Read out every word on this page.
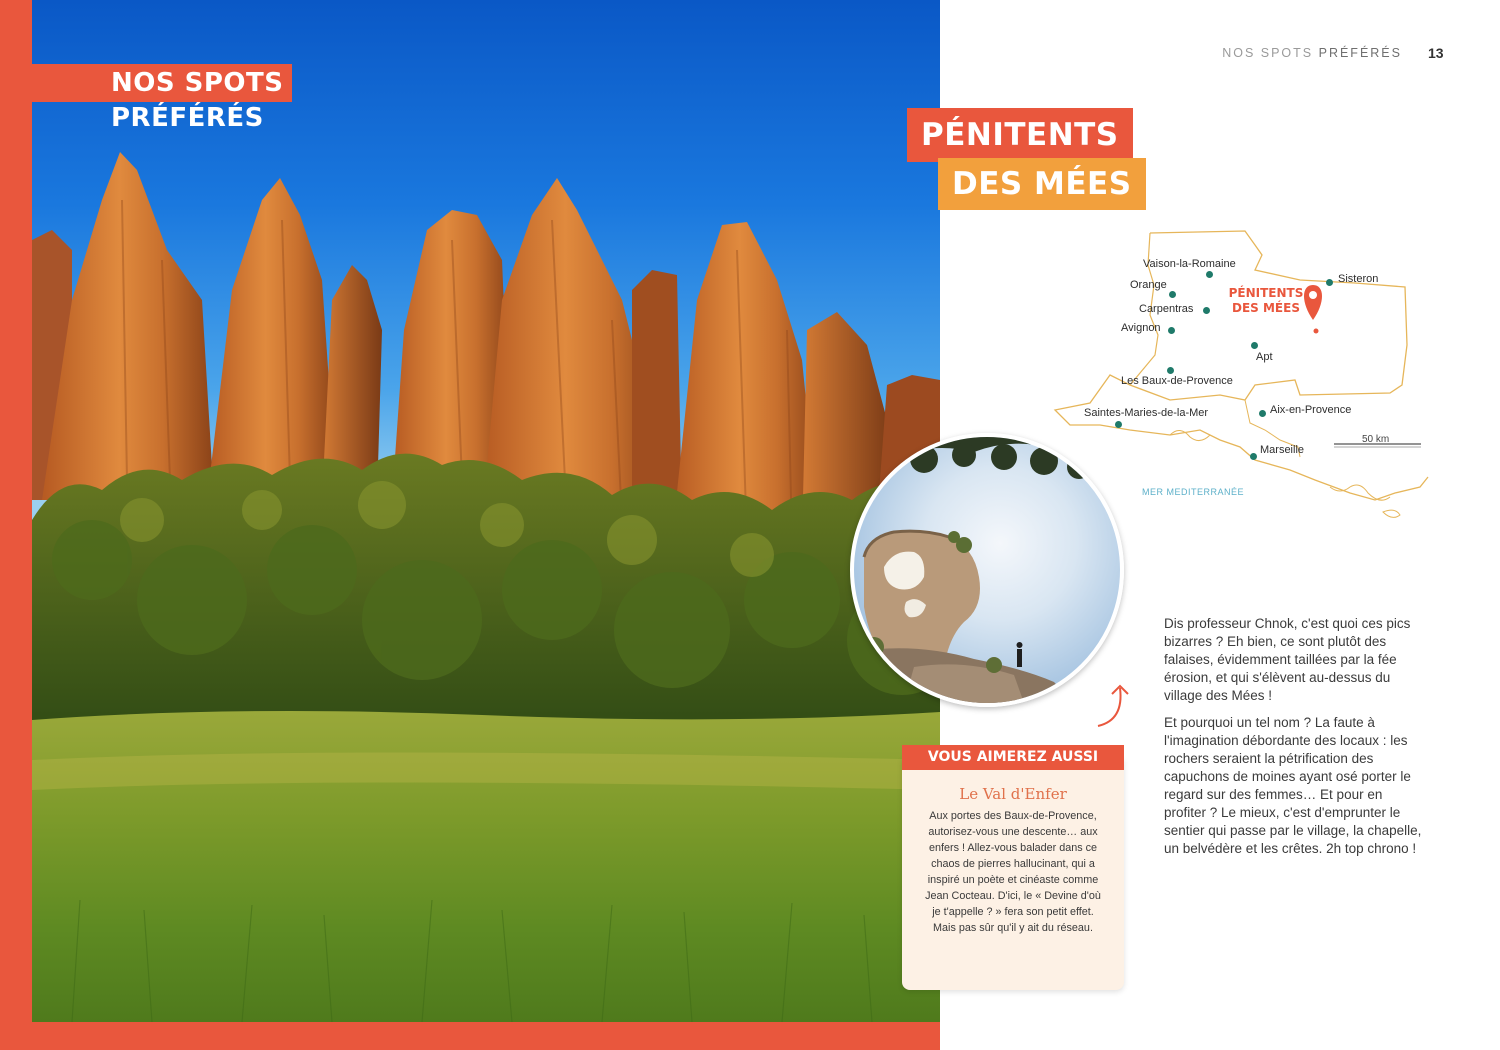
NOS SPOTS
PRÉFÉRÉS
NOS SPOTS PRÉFÉRÉS 13
PÉNITENTS
DES MÉES
Vaison-la-Romaine
Orange
Carpentras
Avignon
Sisteron
Apt
Les Baux-de-Provence
Saintes-Maries-de-la-Mer	Aix-en-Provence
Marseille
PÉNITENTS
DES MÉES
MER MEDITERRANÉE
50 km
VOUS AIMEREZ AUSSI
Le Val d'Enfer
Aux portes des Baux-de-Provence, autorisez-vous une descente… aux enfers ! Allez-vous balader dans ce chaos de pierres hallucinant, qui a inspiré un poète et cinéaste comme Jean Cocteau. D'ici, le « Devine d'où je t'appelle ? » fera son petit effet. Mais pas sûr qu'il y ait du réseau.

Dis professeur Chnok, c'est quoi ces pics bizarres ? Eh bien, ce sont plutôt des falaises, évidemment taillées par la fée érosion, et qui s'élèvent au-dessus du village des Mées !

Et pourquoi un tel nom ? La faute à l'imagination débordante des locaux : les rochers seraient la pétrification des capuchons de moines ayant osé porter le regard sur des femmes… Et pour en profiter ? Le mieux, c'est d'emprunter le sentier qui passe par le village, la chapelle, un belvédère et les crêtes. 2h top chrono !
